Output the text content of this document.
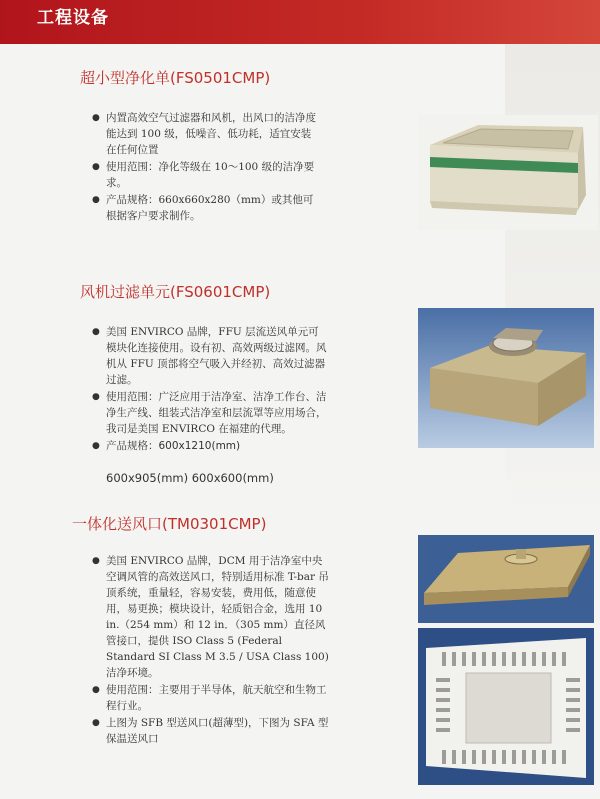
工程设备
超小型净化单(FS0501CMP)
● 内置高效空气过滤器和风机，出风口的洁净度能达到 100 级，低噪音、低功耗，适宜安装在任何位置
● 使用范围：净化等级在 10～100 级的洁净要求。
● 产品规格：660x660x280（mm）或其他可根据客户要求制作。
风机过滤单元(FS0601CMP)
● 美国 ENVIRCO 品牌，FFU 层流送风单元可模块化连接使用。设有初、高效两级过滤网。风机从 FFU 顶部将空气吸入并经初、高效过滤器过滤。
● 使用范围：广泛应用于洁净室、洁净工作台、洁净生产线、组装式洁净室和层流罩等应用场合，我司是美国 ENVIRCO 在福建的代理。
● 产品规格：600x1210(mm)
600x905(mm) 600x600(mm)
一体化送风口(TM0301CMP)
● 美国 ENVIRCO 品牌，DCM 用于洁净室中央空调风管的高效送风口，特别适用标准 T-bar 吊顶系统，重量轻，容易安装，费用低，随意使用，易更换；模块设计，轻质铝合金，选用 10 in.（254 mm）和 12 in．（305 mm）直径风管接口，提供 ISO Class 5 (Federal Standard SI Class M 3.5 / USA Class 100) 洁净环境。
● 使用范围：主要用于半导体，航天航空和生物工程行业。
● 上图为 SFB 型送风口(超薄型)，下图为 SFA 型保温送风口
